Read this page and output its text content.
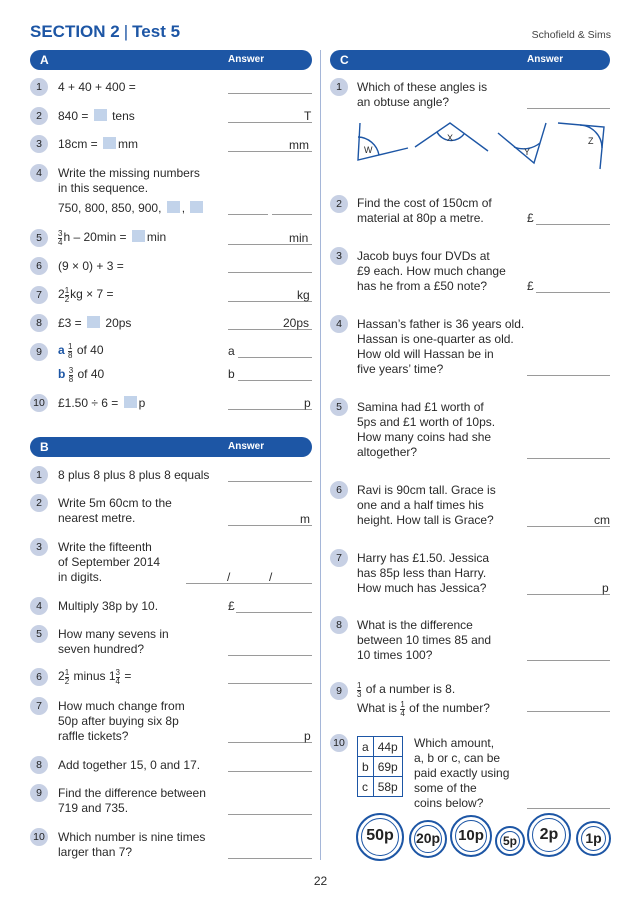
SECTION 2 | Test 5	Schofield & Sims
A	Answer
1	4 + 40 + 400 =
2	840 = tens	T
3	18cm = mm	mm
4	Write the missing numbers
in this sequence.
750, 800, 850, 900, ,
5	$\frac{3}{4}$ h – 20min = min	min
6	(9 × 0) + 3 =
7	$2 \frac{1}{2}$ kg × 7 =	kg
8	£3 = 20ps	20ps
9	a $\frac{1}{8}$ of 40
b $\frac{3}{8}$ of 40
a
b
10 £1.50 ÷ 6 = p	p
B	Answer
1	8 plus 8 plus 8 plus 8 equals
2	Write 5m 60cm to the
nearest metre.	m
3	Write the fifteenth
of September 2014
in digits.	/	/
4	Multiply 38p by 10.	£
5	How many sevens in
seven hundred?
6	$2 \frac{1}{2}$ minus $1 \frac{3}{4}$ =
7	How much change from
50p after buying six 8p
raffle tickets?	p
8	Add together 15, 0 and 17.
9	Find the difference between
719 and 735.
10 Which number is nine times
larger than 7?
C	Answer
1	Which of these angles is
an obtuse angle?
W
X
Y
Z
2	Find the cost of 150cm of
material at 80p a metre.	£
3	Jacob buys four DVDs at
£9 each. How much change
has he from a £50 note?	£
4	Hassan’s father is 36 years old.
Hassan is one-quarter as old.
How old will Hassan be in
five years’ time?
5	Samina had £1 worth of
5ps and £1 worth of 10ps.
How many coins had she
altogether?
6	Ravi is 90cm tall. Grace is
one and a half times his
height. How tall is Grace?	cm
7	Harry has £1.50. Jessica
has 85p less than Harry.
How much has Jessica?	p
8	What is the difference
between 10 times 85 and
10 times 100?
9	$\frac{1}{3}$ of a number is 8.
What is $\frac{1}{4}$ of the number?
10 a	44p
b	69p
c	58p
Which amount,
a, b or c, can be
paid exactly using
some of the
coins below?
50p	20p	10p	5p	2p	1p
22
